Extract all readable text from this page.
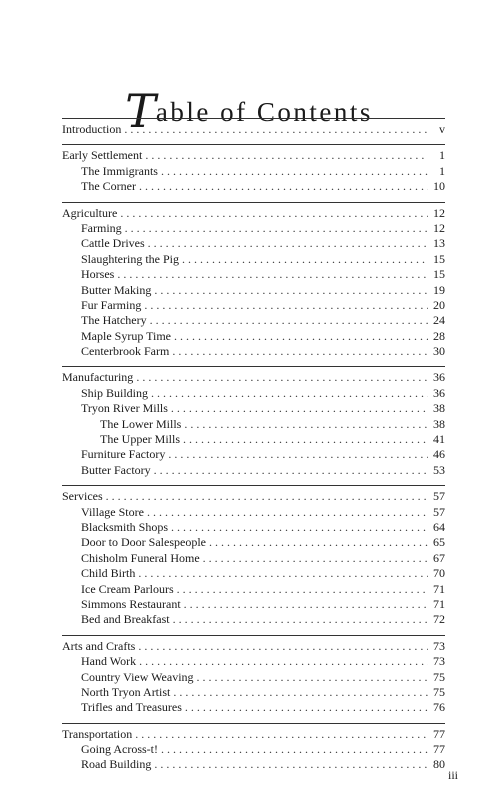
Table of Contents
Introduction . . .	v
Early Settlement . . .	1
The Immigrants . . .	1
The Corner . . .	10
Agriculture . . .	12
Farming . . .	12
Cattle Drives . . .	13
Slaughtering the Pig . . .	15
Horses . . .	15
Butter Making . . .	19
Fur Farming . . .	20
The Hatchery . . .	24
Maple Syrup Time . . .	28
Centerbrook Farm . . .	30
Manufacturing . . .	36
Ship Building . . .	36
Tryon River Mills . . .	38
The Lower Mills . . .	38
The Upper Mills . . .	41
Furniture Factory . . .	46
Butter Factory . . .	53
Services . . .	57
Village Store . . .	57
Blacksmith Shops . . .	64
Door to Door Salespeople . . .	65
Chisholm Funeral Home . . .	67
Child Birth . . .	70
Ice Cream Parlours . . .	71
Simmons Restaurant . . .	71
Bed and Breakfast . . .	72
Arts and Crafts . . .	73
Hand Work . . .	73
Country View Weaving . . .	75
North Tryon Artist . . .	75
Trifles and Treasures . . .	76
Transportation . . .	77
Going Across-t! . . .	77
Road Building . . .	80
iii
